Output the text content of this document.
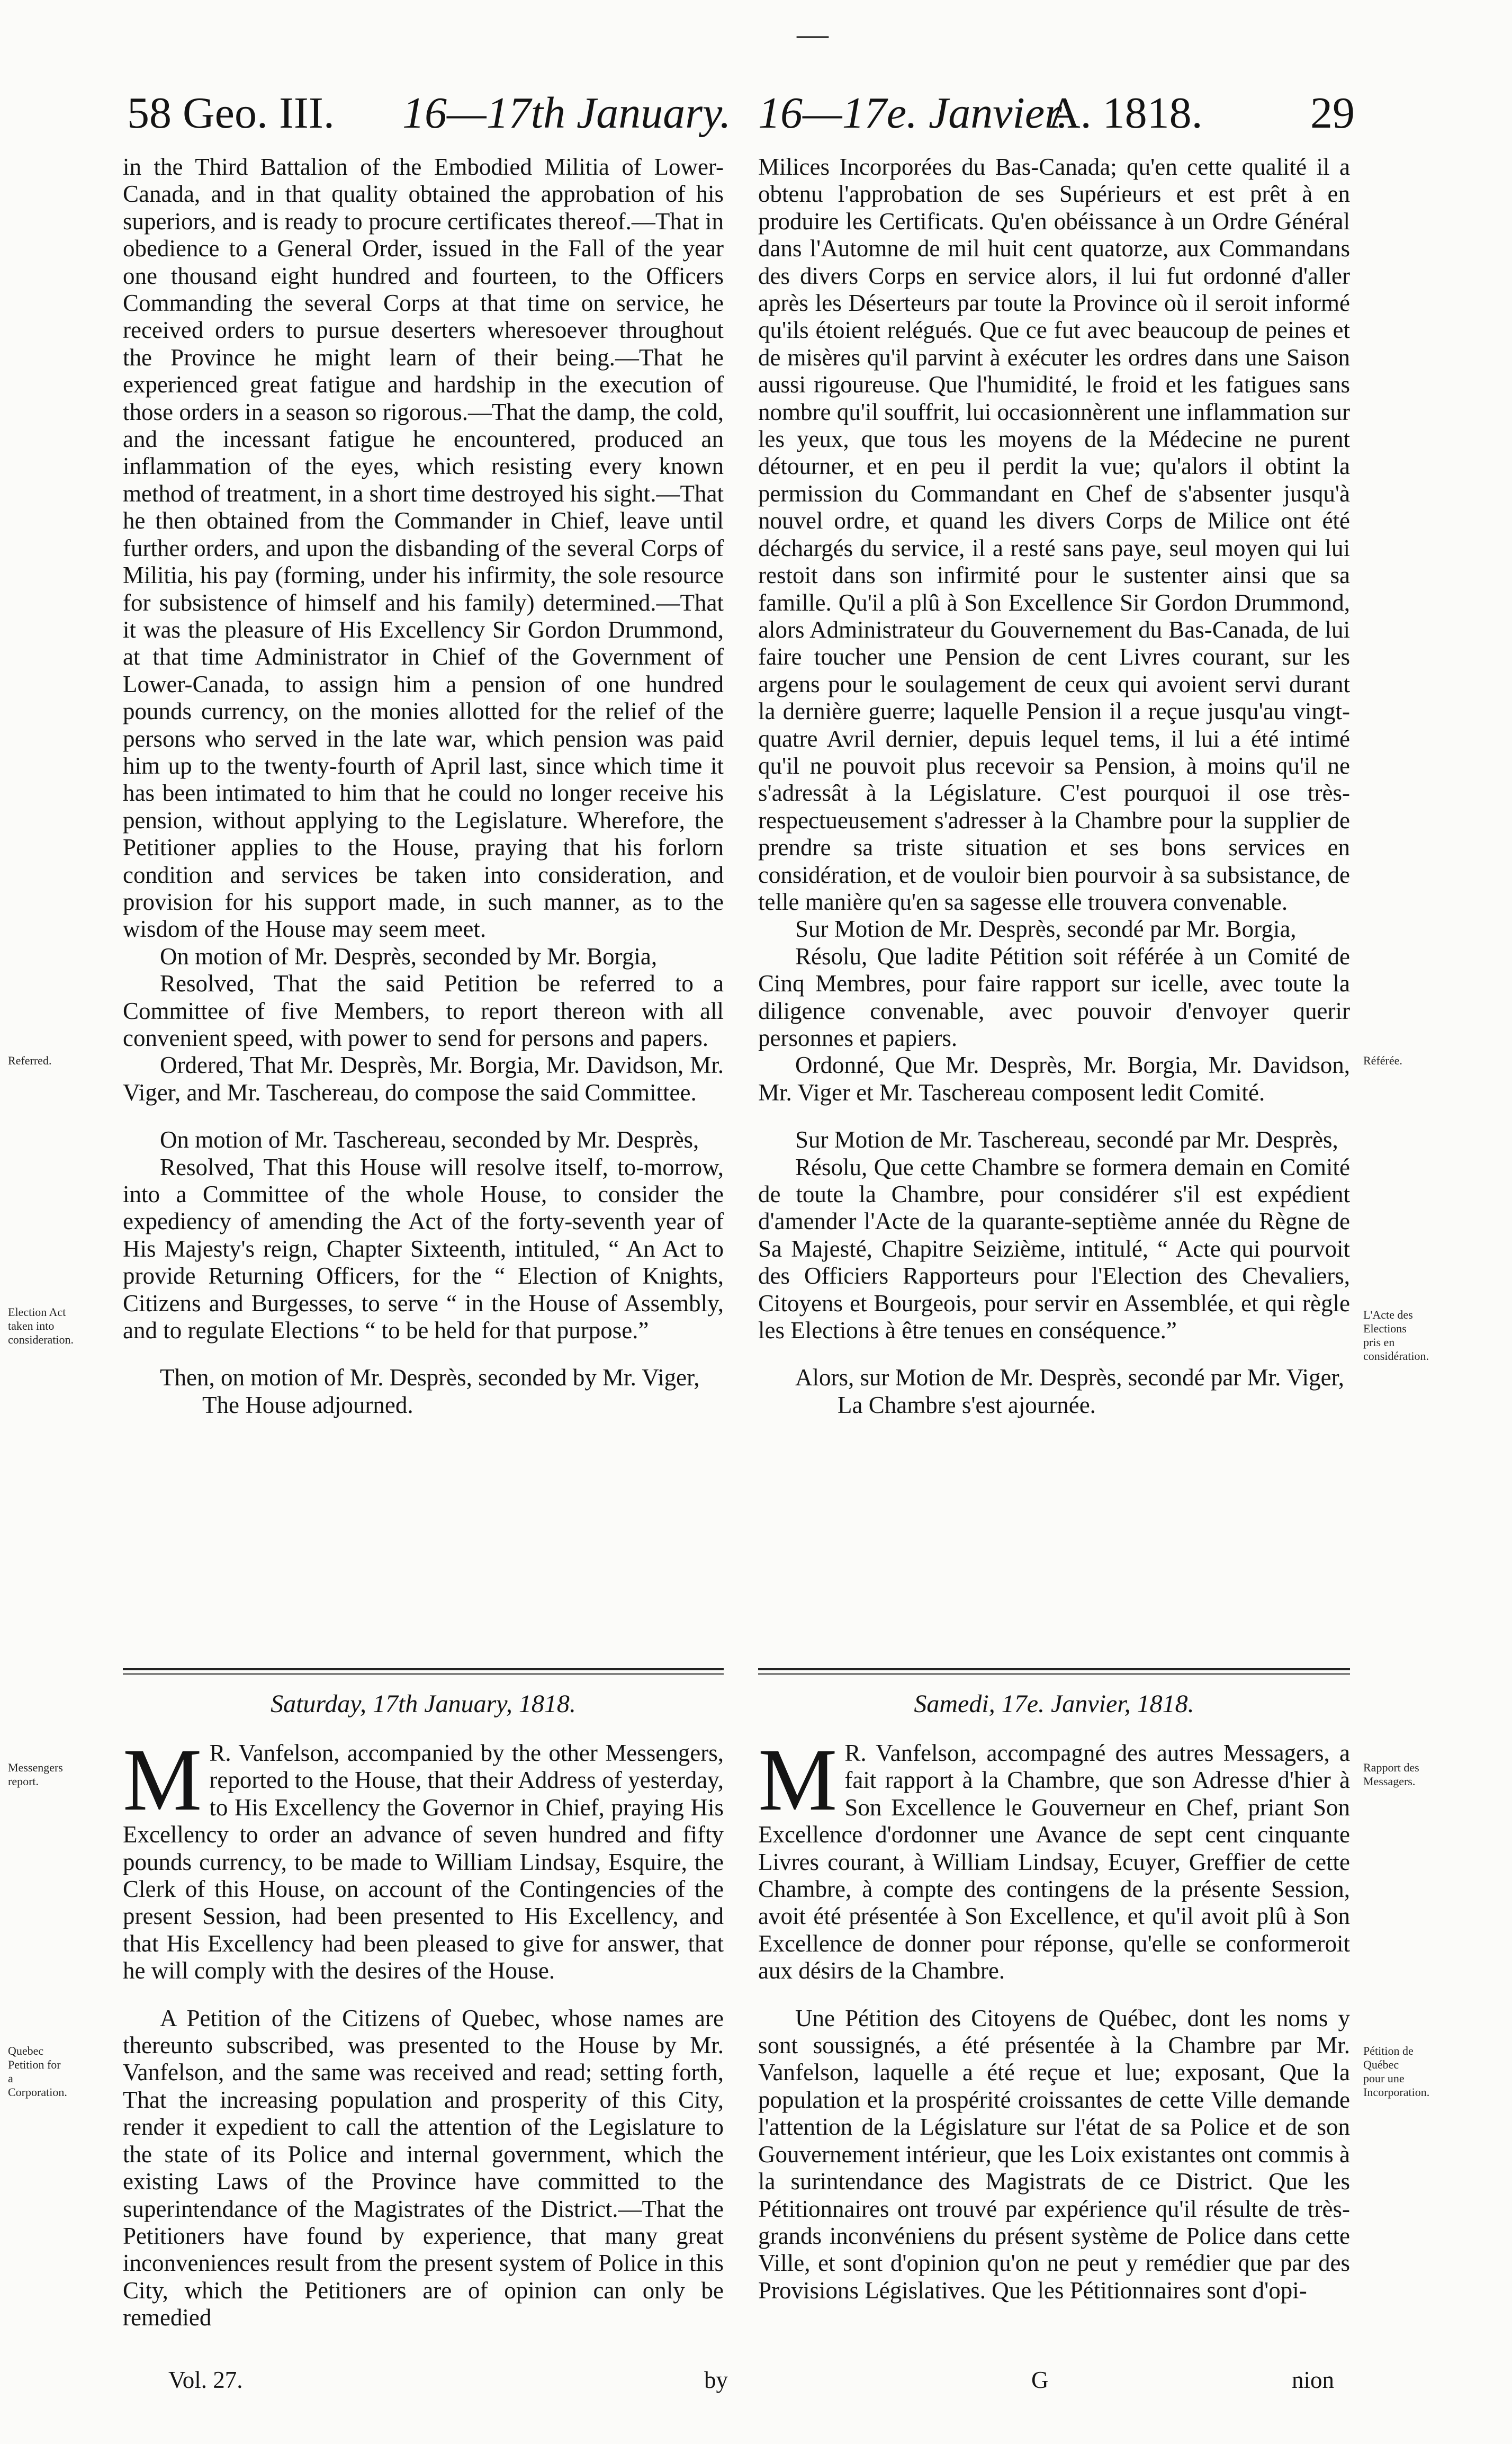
—
58 Geo. III. 16—17th January. 16—17e. Janvier.
A. 1818. 29

in the Third Battalion of the Embodied Militia of Lower-Canada, and in that quality obtained the approbation of his superiors, and is ready to procure certificates thereof.—That in obedience to a General Order, issued in the Fall of the year one thousand eight hundred and fourteen, to the Officers Commanding the several Corps at that time on service, he received orders to pursue deserters wheresoever throughout the Province he might learn of their being.—That he experienced great fatigue and hardship in the execution of those orders in a season so rigorous.—That the damp, the cold, and the incessant fatigue he encountered, produced an inflammation of the eyes, which resisting every known method of treatment, in a short time destroyed his sight.—That he then obtained from the Commander in Chief, leave until further orders, and upon the disbanding of the several Corps of Militia, his pay (forming, under his infirmity, the sole resource for subsistence of himself and his family) determined.—That it was the pleasure of His Excellency Sir Gordon Drummond, at that time Administrator in Chief of the Government of Lower-Canada, to assign him a pension of one hundred pounds currency, on the monies allotted for the relief of the persons who served in the late war, which pension was paid him up to the twenty-fourth of April last, since which time it has been intimated to him that he could no longer receive his pension, without applying to the Legislature. Wherefore, the Petitioner applies to the House, praying that his forlorn condition and services be taken into consideration, and provision for his support made, in such manner, as to the wisdom of the House may seem meet.

On motion of Mr. Desprès, seconded by Mr. Borgia,

Resolved, That the said Petition be referred to a Committee of five Members, to report thereon with all convenient speed, with power to send for persons and papers.

Ordered, That Mr. Desprès, Mr. Borgia, Mr. Davidson, Mr. Viger, and Mr. Taschereau, do compose the said Committee.

On motion of Mr. Taschereau, seconded by Mr. Desprès,

Resolved, That this House will resolve itself, to-morrow, into a Committee of the whole House, to consider the expediency of amending the Act of the forty-seventh year of His Majesty's reign, Chapter Sixteenth, intituled, “ An Act to provide Returning Officers, for the “ Election of Knights, Citizens and Burgesses, to serve “ in the House of Assembly, and to regulate Elections “ to be held for that purpose.”

Then, on motion of Mr. Desprès, seconded by Mr. Viger,

The House adjourned.

Milices Incorporées du Bas-Canada; qu'en cette qualité il a obtenu l'approbation de ses Supérieurs et est prêt à en produire les Certificats. Qu'en obéissance à un Ordre Général dans l'Automne de mil huit cent quatorze, aux Commandans des divers Corps en service alors, il lui fut ordonné d'aller après les Déserteurs par toute la Province où il seroit informé qu'ils étoient relégués. Que ce fut avec beaucoup de peines et de misères qu'il parvint à exécuter les ordres dans une Saison aussi rigoureuse. Que l'humidité, le froid et les fatigues sans nombre qu'il souffrit, lui occasionnèrent une inflammation sur les yeux, que tous les moyens de la Médecine ne purent détourner, et en peu il perdit la vue; qu'alors il obtint la permission du Commandant en Chef de s'absenter jusqu'à nouvel ordre, et quand les divers Corps de Milice ont été déchargés du service, il a resté sans paye, seul moyen qui lui restoit dans son infirmité pour le sustenter ainsi que sa famille. Qu'il a plû à Son Excellence Sir Gordon Drummond, alors Administrateur du Gouvernement du Bas-Canada, de lui faire toucher une Pension de cent Livres courant, sur les argens pour le soulagement de ceux qui avoient servi durant la dernière guerre; laquelle Pension il a reçue jusqu'au vingt-quatre Avril dernier, depuis lequel tems, il lui a été intimé qu'il ne pouvoit plus recevoir sa Pension, à moins qu'il ne s'adressât à la Législature. C'est pourquoi il ose très-respectueusement s'adresser à la Chambre pour la supplier de prendre sa triste situation et ses bons services en considération, et de vouloir bien pourvoir à sa subsistance, de telle manière qu'en sa sagesse elle trouvera convenable.

Sur Motion de Mr. Desprès, secondé par Mr. Borgia,

Résolu, Que ladite Pétition soit référée à un Comité de Cinq Membres, pour faire rapport sur icelle, avec toute la diligence convenable, avec pouvoir d'envoyer querir personnes et papiers.

Ordonné, Que Mr. Desprès, Mr. Borgia, Mr. Davidson, Mr. Viger et Mr. Taschereau composent ledit Comité.

Sur Motion de Mr. Taschereau, secondé par Mr. Desprès,

Résolu, Que cette Chambre se formera demain en Comité de toute la Chambre, pour considérer s'il est expédient d'amender l'Acte de la quarante-septième année du Règne de Sa Majesté, Chapitre Seizième, intitulé, “ Acte qui pourvoit des Officiers Rapporteurs pour l'Election des Chevaliers, Citoyens et Bourgeois, pour servir en Assemblée, et qui règle les Elections à être tenues en conséquence.”

Alors, sur Motion de Mr. Desprès, secondé par Mr. Viger,

La Chambre s'est ajournée.

Referred.	Référée.
Election Act taken into consideration.
L'Acte des Elections pris en considération.
Messengers report.
Rapport des Messagers.
Quebec Petition for a Corporation.
Pétition de Québec pour une Incorporation.
Saturday, 17th January, 1818.	Samedi, 17e. Janvier, 1818.

M R. Vanfelson, accompanied by the other Messengers, reported to the House, that their Address of yesterday, to His Excellency the Governor in Chief, praying His Excellency to order an advance of seven hundred and fifty pounds currency, to be made to William Lindsay, Esquire, the Clerk of this House, on account of the Contingencies of the present Session, had been presented to His Excellency, and that His Excellency had been pleased to give for answer, that he will comply with the desires of the House.

A Petition of the Citizens of Quebec, whose names are thereunto subscribed, was presented to the House by Mr. Vanfelson, and the same was received and read; setting forth, That the increasing population and prosperity of this City, render it expedient to call the attention of the Legislature to the state of its Police and internal government, which the existing Laws of the Province have committed to the superintendance of the Magistrates of the District.—That the Petitioners have found by experience, that many great inconveniences result from the present system of Police in this City, which the Petitioners are of opinion can only be remedied

M R. Vanfelson, accompagné des autres Messagers, a fait rapport à la Chambre, que son Adresse d'hier à Son Excellence le Gouverneur en Chef, priant Son Excellence d'ordonner une Avance de sept cent cinquante Livres courant, à William Lindsay, Ecuyer, Greffier de cette Chambre, à compte des contingens de la présente Session, avoit été présentée à Son Excellence, et qu'il avoit plû à Son Excellence de donner pour réponse, qu'elle se conformeroit aux désirs de la Chambre.

Une Pétition des Citoyens de Québec, dont les noms y sont soussignés, a été présentée à la Chambre par Mr. Vanfelson, laquelle a été reçue et lue; exposant, Que la population et la prospérité croissantes de cette Ville demande l'attention de la Législature sur l'état de sa Police et de son Gouvernement intérieur, que les Loix existantes ont commis à la surintendance des Magistrats de ce District. Que les Pétitionnaires ont trouvé par expérience qu'il résulte de très-grands inconvéniens du présent système de Police dans cette Ville, et sont d'opinion qu'on ne peut y remédier que par des Provisions Législatives. Que les Pétitionnaires sont d'opi-

Vol. 27.	by	G	nion
